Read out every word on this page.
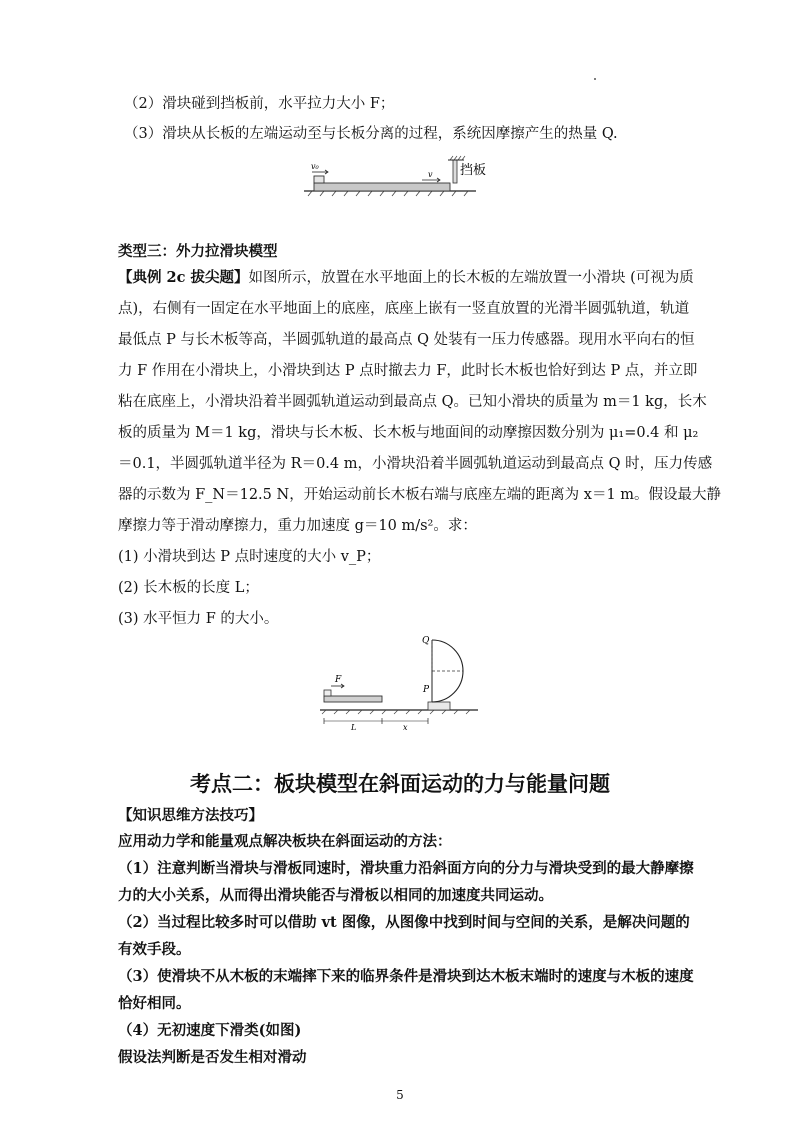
（2）滑块碰到挡板前，水平拉力大小 F；
（3）滑块从长板的左端运动至与长板分离的过程，系统因摩擦产生的热量 Q.
v₀
v 挡板
类型三：外力拉滑块模型
【典例 2c 拔尖题】如图所示，放置在水平地面上的长木板的左端放置一小滑块 (可视为质
点)，右侧有一固定在水平地面上的底座，底座上嵌有一竖直放置的光滑半圆弧轨道，轨道
最低点 P 与长木板等高，半圆弧轨道的最高点 Q 处装有一压力传感器。现用水平向右的恒
力 F 作用在小滑块上，小滑块到达 P 点时撤去力 F，此时长木板也恰好到达 P 点，并立即
粘在底座上，小滑块沿着半圆弧轨道运动到最高点 Q。已知小滑块的质量为 m＝1 kg，长木
板的质量为 M＝1 kg，滑块与长木板、长木板与地面间的动摩擦因数分别为 μ₁=0.4 和 μ₂
＝0.1，半圆弧轨道半径为 R＝0.4 m，小滑块沿着半圆弧轨道运动到最高点 Q 时，压力传感
器的示数为 F_N＝12.5 N，开始运动前长木板右端与底座左端的距离为 x＝1 m。假设最大静
摩擦力等于滑动摩擦力，重力加速度 g＝10 m/s²。求：
(1) 小滑块到达 P 点时速度的大小 v_P；
(2) 长木板的长度 L；
(3) 水平恒力 F 的大小。
F
Q
P
L	x
考点二：板块模型在斜面运动的力与能量问题
【知识思维方法技巧】
应用动力学和能量观点解决板块在斜面运动的方法：
（1）注意判断当滑块与滑板同速时，滑块重力沿斜面方向的分力与滑块受到的最大静摩擦
力的大小关系，从而得出滑块能否与滑板以相同的加速度共同运动。
（2）当过程比较多时可以借助 vt 图像，从图像中找到时间与空间的关系，是解决问题的
有效手段。
（3）使滑块不从木板的末端摔下来的临界条件是滑块到达木板末端时的速度与木板的速度
恰好相同。
（4）无初速度下滑类(如图)
假设法判断是否发生相对滑动
5
